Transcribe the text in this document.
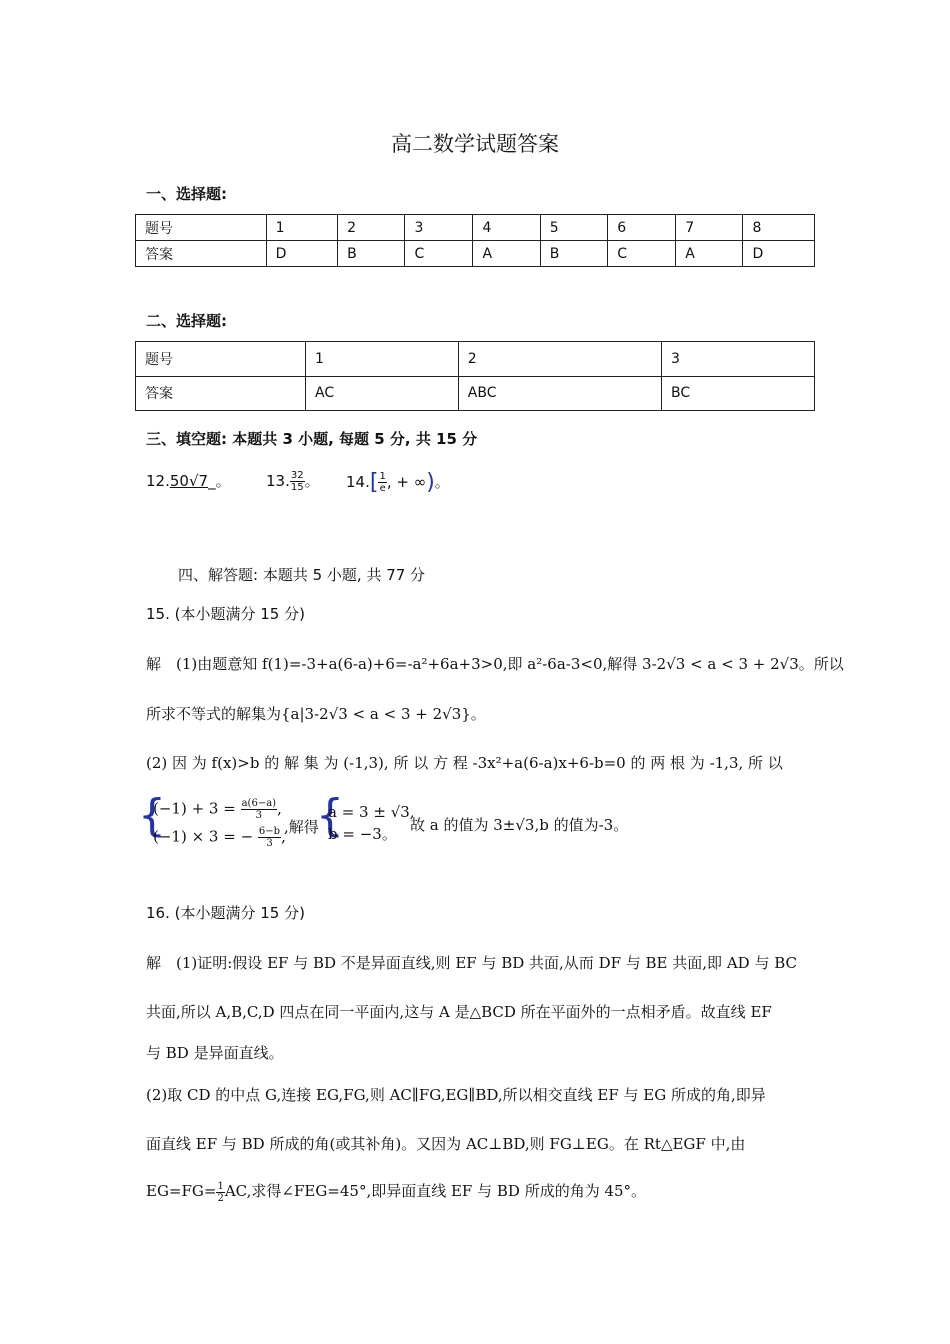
高二数学试题答案
一、选择题:
题号	1	2	3	4	5	6	7	8
答案	D	B	C	A	B	C	A	D
二、选择题:
题号	1	2	3
答案	AC	ABC	BC
三、填空题: 本题共 3 小题, 每题 5 分, 共 15 分
12.50√7_。 13. $\frac{32}{15}$ 。 $14.[ \frac{1}{e}$ , + ∞)。
四、解答题: 本题共 5 小题, 共 77 分
15. (本小题满分 15 分)
解　(1)由题意知 f(1)=-3+a(6-a)+6=-a²+6a+3>0,即 a²-6a-3<0,解得 3-2√3 < a < 3 + 2√3。所以
所求不等式的解集为{a|3-2√3 < a < 3 + 2√3}。
(2) 因 为 f(x)>b 的 解 集 为 (-1,3), 所 以 方 程 -3x²+a(6-a)x+6-b=0 的 两 根 为 -1,3, 所 以
{
$(-1) + 3 = \frac{a(6-a)}{3}$ ,
(−1) × 3 = − $\frac{6-b}{3}$ ,
,解得
{
a = 3 ± √3,
b = −3。 故 a 的值为 3±√3,b 的值为-3。
16. (本小题满分 15 分)
解　(1)证明:假设 EF 与 BD 不是异面直线,则 EF 与 BD 共面,从而 DF 与 BE 共面,即 AD 与 BC
共面,所以 A,B,C,D 四点在同一平面内,这与 A 是△BCD 所在平面外的一点相矛盾。故直线 EF
与 BD 是异面直线。
(2)取 CD 的中点 G,连接 EG,FG,则 AC∥FG,EG∥BD,所以相交直线 EF 与 EG 所成的角,即异
面直线 EF 与 BD 所成的角(或其补角)。又因为 AC⊥BD,则 FG⊥EG。在 Rt△EGF 中,由
$EG=FG= \frac{1}{2}$ AC,求得∠FEG=45°,即异面直线 EF 与 BD 所成的角为 45°。
